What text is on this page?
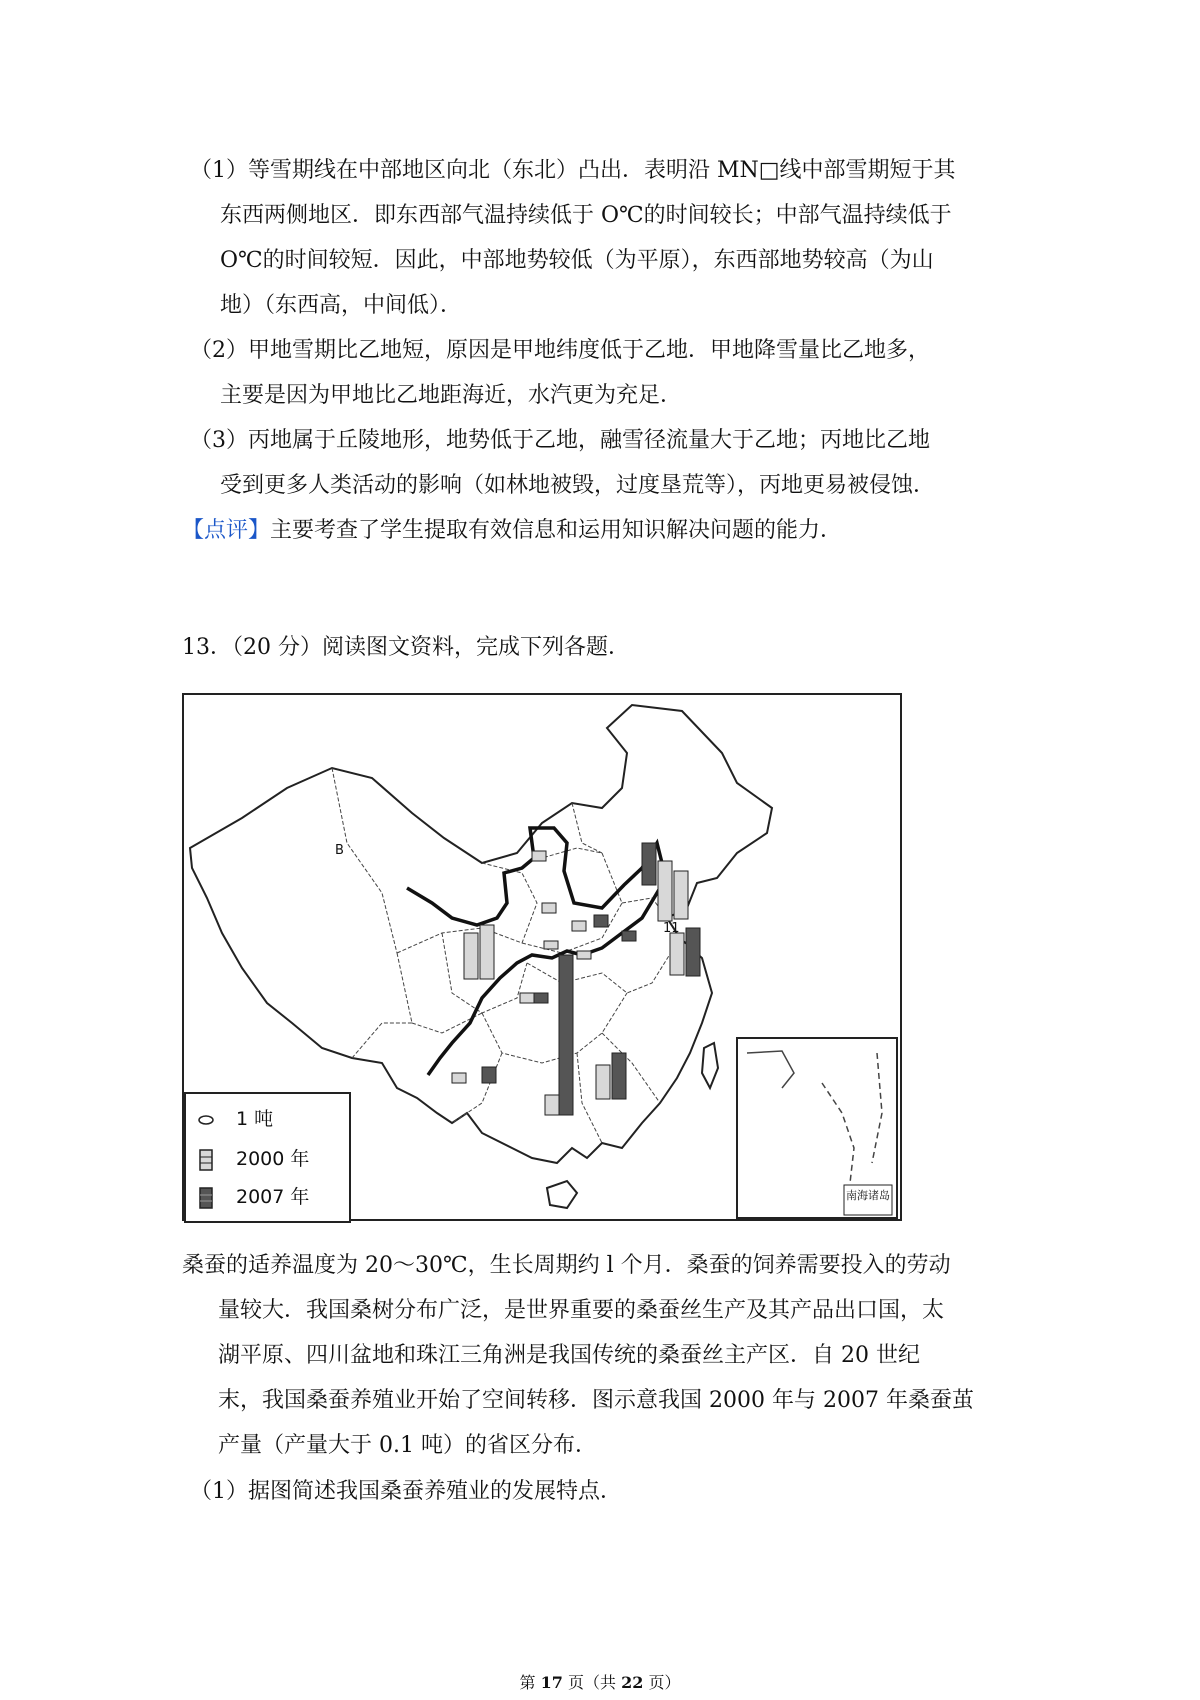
（1）等雪期线在中部地区向北（东北）凸出．表明沿 MN□线中部雪期短于其
东西两侧地区．即东西部气温持续低于 O℃的时间较长；中部气温持续低于
O℃的时间较短．因此，中部地势较低（为平原），东西部地势较高（为山
地）（东西高，中间低）．
（2）甲地雪期比乙地短，原因是甲地纬度低于乙地．甲地降雪量比乙地多，
主要是因为甲地比乙地距海近，水汽更为充足．
（3）丙地属于丘陵地形，地势低于乙地，融雪径流量大于乙地；丙地比乙地
受到更多人类活动的影响（如林地被毁，过度垦荒等），丙地更易被侵蚀．
【点评】主要考查了学生提取有效信息和运用知识解决问题的能力．
13．（20 分）阅读图文资料，完成下列各题．
B
11
南海诸岛
1 吨
2000 年
2007 年
桑蚕的适养温度为 20～30℃，生长周期约 l 个月．桑蚕的饲养需要投入的劳动
量较大．我国桑树分布广泛，是世界重要的桑蚕丝生产及其产品出口国，太
湖平原、四川盆地和珠江三角洲是我国传统的桑蚕丝主产区．自 20 世纪
末，我国桑蚕养殖业开始了空间转移．图示意我国 2000 年与 2007 年桑蚕茧
产量（产量大于 0.1 吨）的省区分布．
（1）据图简述我国桑蚕养殖业的发展特点．
第 17 页（共 22 页）
